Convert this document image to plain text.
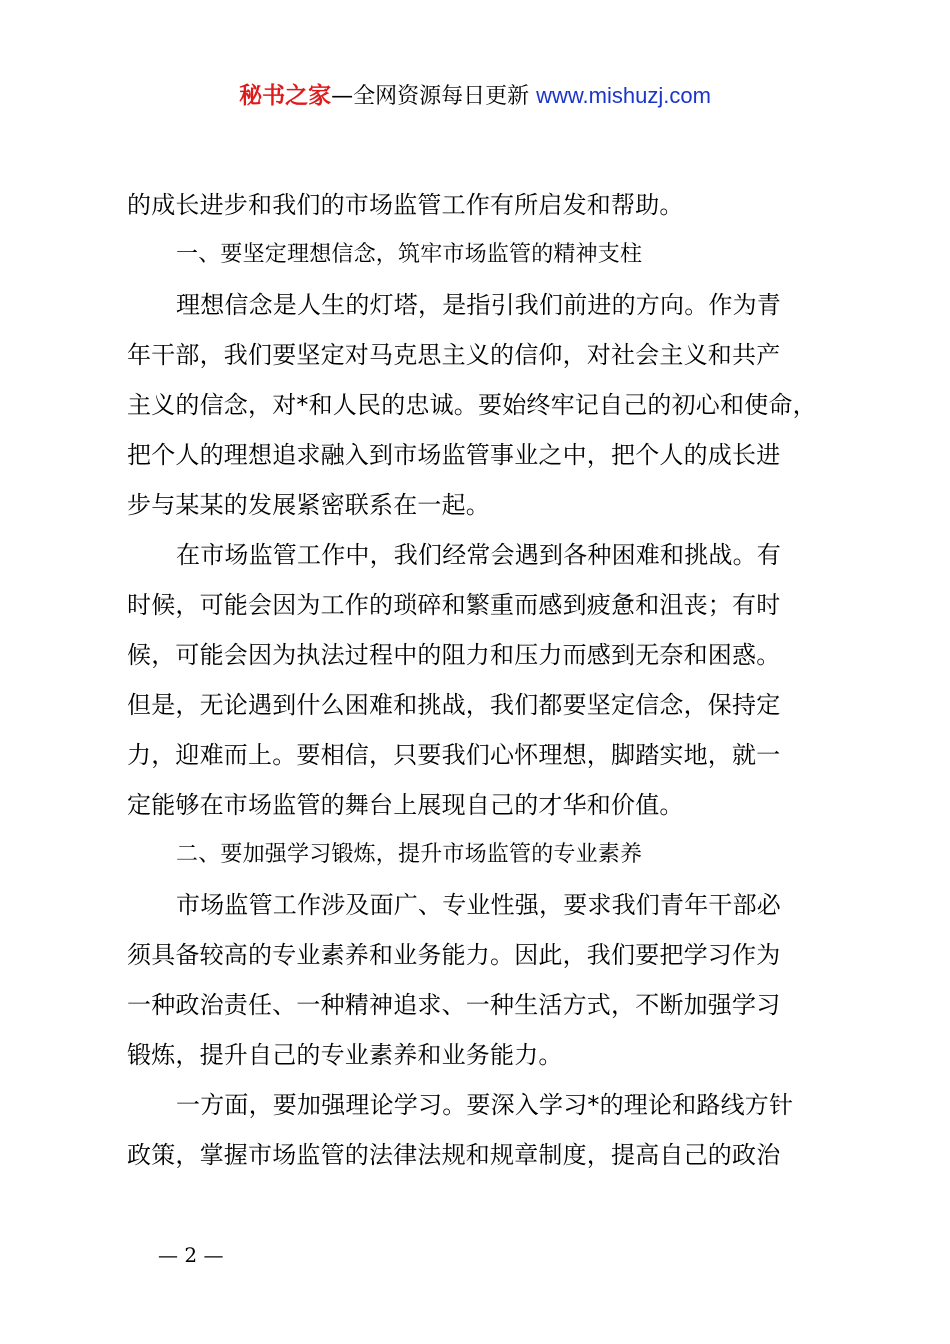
秘书之家—全网资源每日更新 www.mishuzj.com
的成长进步和我们的市场监管工作有所启发和帮助。
一、要坚定理想信念，筑牢市场监管的精神支柱
理想信念是人生的灯塔，是指引我们前进的方向。作为青
年干部，我们要坚定对马克思主义的信仰，对社会主义和共产
主义的信念，对*和人民的忠诚。要始终牢记自己的初心和使命，
把个人的理想追求融入到市场监管事业之中，把个人的成长进
步与某某的发展紧密联系在一起。
在市场监管工作中，我们经常会遇到各种困难和挑战。有
时候，可能会因为工作的琐碎和繁重而感到疲惫和沮丧；有时
候，可能会因为执法过程中的阻力和压力而感到无奈和困惑。
但是，无论遇到什么困难和挑战，我们都要坚定信念，保持定
力，迎难而上。要相信，只要我们心怀理想，脚踏实地，就一
定能够在市场监管的舞台上展现自己的才华和价值。
二、要加强学习锻炼，提升市场监管的专业素养
市场监管工作涉及面广、专业性强，要求我们青年干部必
须具备较高的专业素养和业务能力。因此，我们要把学习作为
一种政治责任、一种精神追求、一种生活方式，不断加强学习
锻炼，提升自己的专业素养和业务能力。
一方面，要加强理论学习。要深入学习*的理论和路线方针
政策，掌握市场监管的法律法规和规章制度，提高自己的政治
— 2 —
